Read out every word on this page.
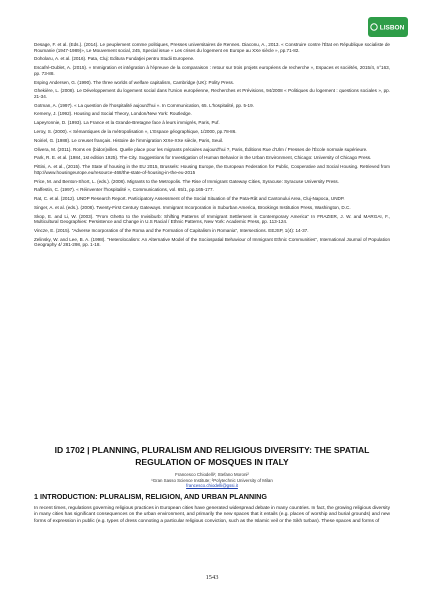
LISBON

Desage, F. et al. (Eds.). (2014). Le peuplement comme politiques, Presses universitaires de Rennes. Diaconu, A., 2013. « Construire contre l'État en République socialiste de Roumanie (1947-1989)», Le Mouvement social, 245, Special issue « Les crises du logement en Europe au XXe siècle », pp.71-82.

Doholaru, A. et al. (2016). Pata, Cluj: Editura Fundaţiei pentru Studii Europene.

Escafré-Dublet, A. (2015). « Immigration et intégration à l'épreuve de la comparaison : retour sur trois projets européens de recherche », Espaces et sociétés, 2015/4, n°163, pp. 73-88.

Esping Andersen, G. (1990). The three worlds of welfare capitalism, Cambridge (UK): Polity Press.

Ghekière, L. (2008). Le Développement du logement social dans l'Union européenne, Recherches et Prévisions, 94/2008 « Politiques du logement : questions sociales », pp. 21-34.

Gotman, A. (1997). « La question de l'hospitalité aujourd'hui ». In Communication, 65. L'hospitalité, pp. 5-19.

Kemeny, J. (1992). Housing and Social Theory, London/New York: Routledge.

Lapeyronnie, D. (1993). La France et la Grande-Bretagne face à leurs immigrés, Paris, Puf.

Leroy, S. (2000). « Sémantiques de la métropolisation », L'Espace géographique, 1/2000, pp.78-86.

Noiriel, G. (1988). Le creuset français. Histoire de l'immigration XIXe-XXe siècle, Paris, Seuil.

Olivera, M. (2011). Roms en (bidon)villes. Quelle place pour les migrants précaires aujourd'hui ?, Paris, Éditions Rue d'Ulm / Presses de l'École normale supérieure.

Park, R. E. et al. (1984, 1st edition 1925). The City. Suggestions for Investigation of Human Behavior in the Urban Environment, Chicago: University of Chicago Press.

Pittini, A. et al., (2015). The State of housing in the EU 2015, Brussels: Housing Europe, the European Federation for Public, Cooperative and Social Housing. Retrieved from http://www.housingeurope.eu/resource-468/the-state-of-housing-in-the-eu-2015

Price, M. and Benton-Short, L. (eds.). (2008). Migrants to the Metropolis. The Rise of Immigrant Gateway Cities, Syracuse: Syracuse University Press.

Raffestin, C. (1997). « Réinventer l'hospitalité », Communications, vol. 65/1, pp.165-177.

Rat, C. et al. (2012). UNDP Research Report. Participatory Assessment of the Social Situation of the Pata-Rât and Cantonului Area, Cluj-Napoca, UNDP.

Singer, A. et al. (eds.). (2008). Twenty-First Century Gateways. Immigrant Incorporation in Suburban America, Brookings Institution Press, Washington, D.C.

Skop, E. and Li, W. (2003). "From Ghetto to the Invisiburb: Shifting Patterns of Immigrant Settlement in Contemporary America" In FRAZIER, J. W. and MARGAI, F., Multicultural Geographies: Persistence and Change in U.S Racial / Ethnic Patterns, New York: Academic Press, pp. 113-124.

Vincze, E. (2015). "Adverse Incorporation of the Roma and the Formation of Capitalism in Romania", Intersections. EEJSP, 1(4): 14-37.

Zelinsky, W. and Lee, B. A. (1998). "Heterolocalism: An Alternative Model of the Sociospatial Behaviour of Immigrant Ethnic Communities", International Journal of Population Geography 4/ 281-298, pp. 1-18.

ID 1702 | PLANNING, PLURALISM AND RELIGIOUS DIVERSITY: THE SPATIAL REGULATION OF MOSQUES IN ITALY
Francesco Chiodelli¹; Stefano Moroni²
¹Gran Sasso Science Institute; ²Polytechnic University of Milan
francesco.chiodelli@gssi.it
1 INTRODUCTION: PLURALISM, RELIGION, AND URBAN PLANNING
In recent times, regulations governing religious practices in European cities have generated widespread debate in many countries. In fact, the growing religious diversity in many cities has significant consequences on the urban environment, and primarily the new spaces that it entails (e.g. places of worship and burial grounds) and new forms of expression in public (e.g. types of dress connoting a particular religious conviction, such as the Islamic veil or the Sikh turban). These spaces and forms of
1543
